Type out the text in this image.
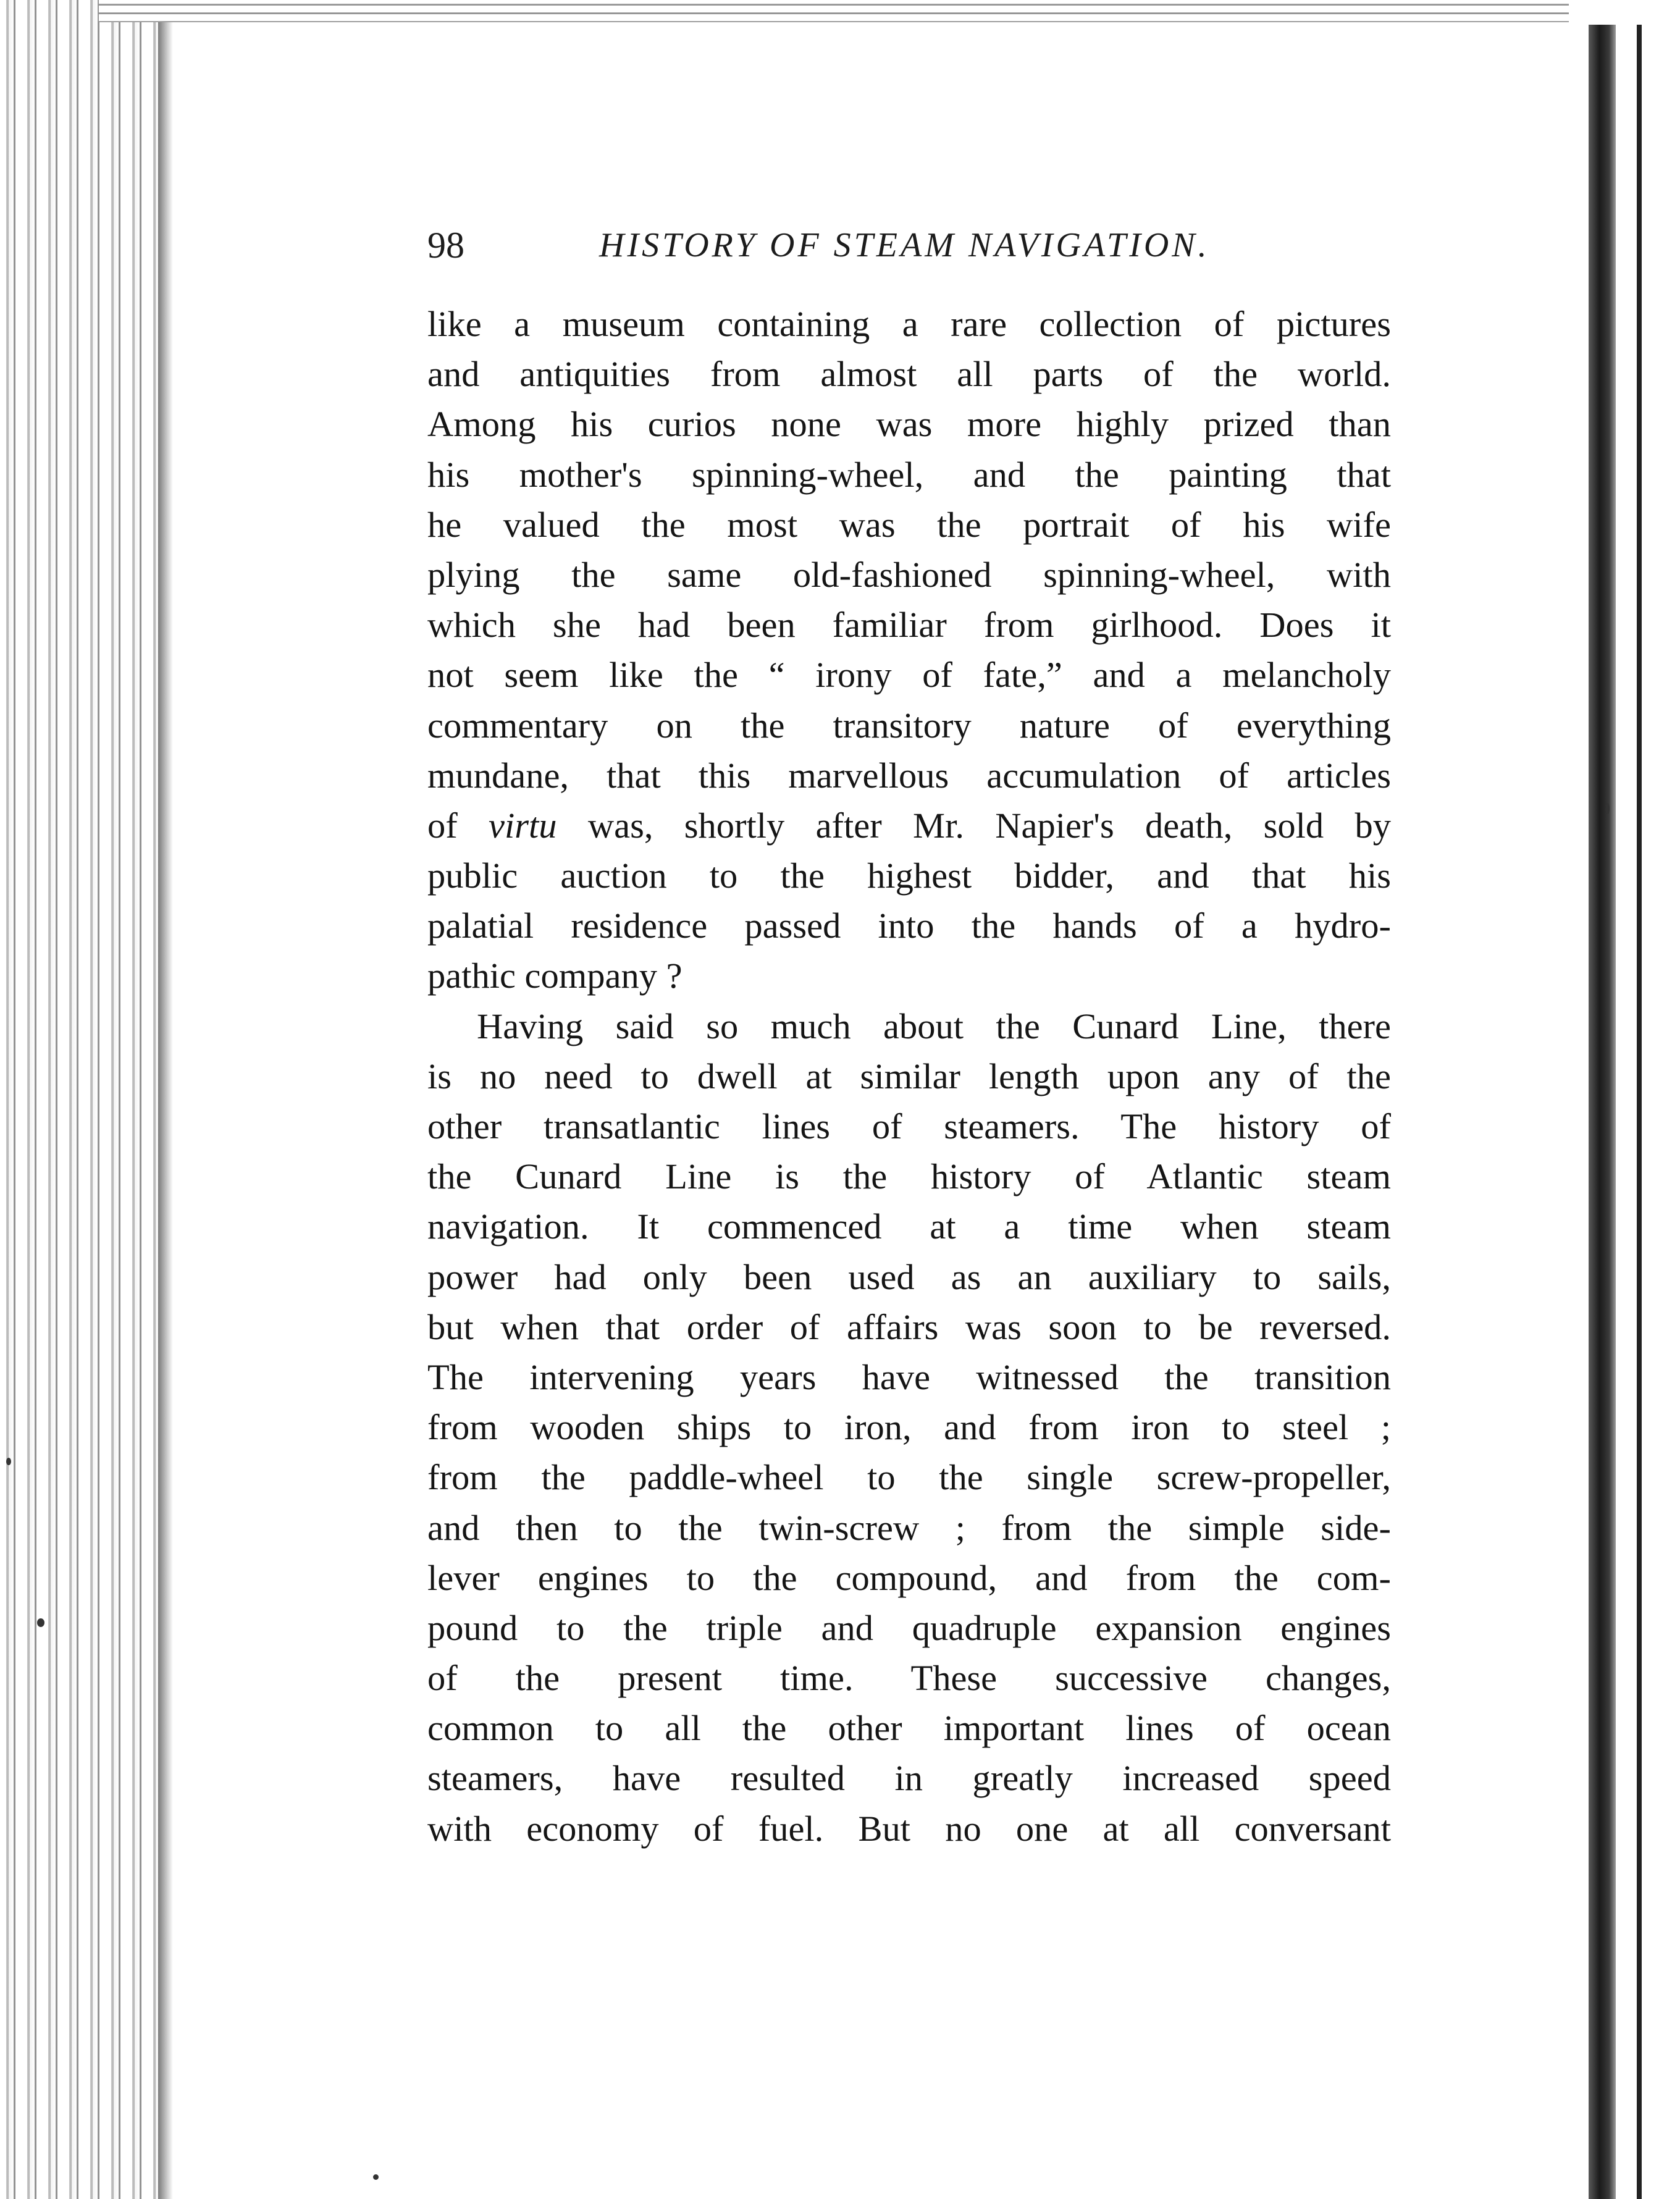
98	HISTORY OF STEAM NAVIGATION.
like a museum containing a rare collection of pictures
and antiquities from almost all parts of the world.
Among his curios none was more highly prized than
his mother's spinning-wheel, and the painting that
he valued the most was the portrait of his wife
plying the same old-fashioned spinning-wheel, with
which she had been familiar from girlhood. Does it
not seem like the “ irony of fate,” and a melancholy
commentary on the transitory nature of everything
mundane, that this marvellous accumulation of articles
of virtu was, shortly after Mr. Napier's death, sold by
public auction to the highest bidder, and that his
palatial residence passed into the hands of a hydro-
pathic company ?
Having said so much about the Cunard Line, there
is no need to dwell at similar length upon any of the
other transatlantic lines of steamers. The history of
the Cunard Line is the history of Atlantic steam
navigation. It commenced at a time when steam
power had only been used as an auxiliary to sails,
but when that order of affairs was soon to be reversed.
The intervening years have witnessed the transition
from wooden ships to iron, and from iron to steel ;
from the paddle-wheel to the single screw-propeller,
and then to the twin-screw ; from the simple side-
lever engines to the compound, and from the com-
pound to the triple and quadruple expansion engines
of the present time. These successive changes,
common to all the other important lines of ocean
steamers, have resulted in greatly increased speed
with economy of fuel. But no one at all conversant
